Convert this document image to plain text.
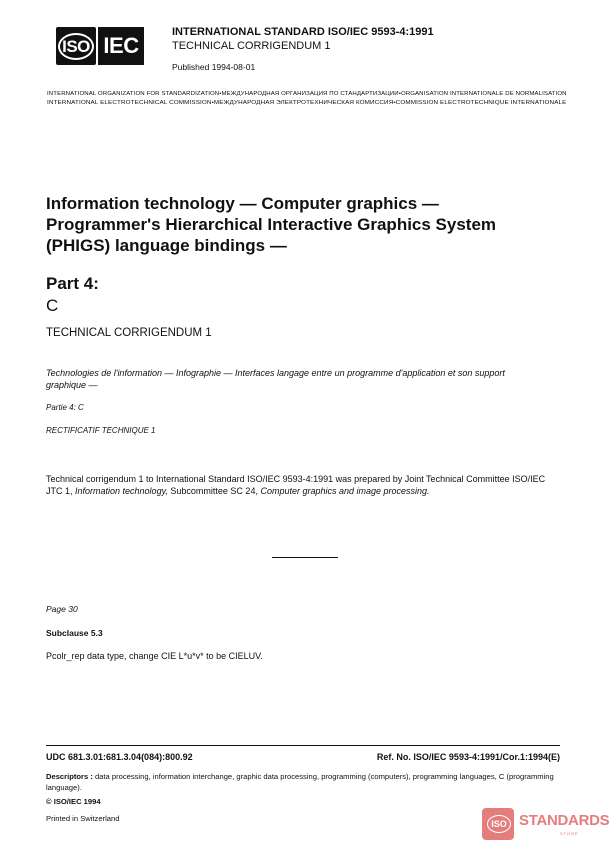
ISO IEC
INTERNATIONAL STANDARD ISO/IEC 9593-4:1991
TECHNICAL CORRIGENDUM 1
Published 1994-08-01
INTERNATIONAL ORGANIZATION FOR STANDARDIZATION•МЕЖДУНАРОДНАЯ ОРГАНИЗАЦИЯ ПО СТАНДАРТИЗАЦИИ•ORGANISATION INTERNATIONALE DE NORMALISATION
INTERNATIONAL ELECTROTECHNICAL COMMISSION•МЕЖДУНАРОДНАЯ ЭЛЕКТРОТЕХНИЧЕСКАЯ КОМИССИЯ•COMMISSION ELECTROTECHNIQUE INTERNATIONALE
Information technology — Computer graphics —
Programmer's Hierarchical Interactive Graphics System
(PHIGS) language bindings —
Part 4:
C
TECHNICAL CORRIGENDUM 1
Technologies de l'information — Infographie — Interfaces langage entre un programme d'application et son support graphique —
Partie 4: C
RECTIFICATIF TECHNIQUE 1
Technical corrigendum 1 to International Standard ISO/IEC 9593-4:1991 was prepared by Joint Technical Committee ISO/IEC JTC 1, Information technology, Subcommittee SC 24, Computer graphics and image processing.
Page 30
Subclause 5.3
Pcolr_rep data type, change CIE L*u*v* to be CIELUV.
UDC 681.3.01:681.3.04(084):800.92	Ref. No. ISO/IEC 9593-4:1991/Cor.1:1994(E)
Descriptors : data processing, information interchange, graphic data processing, programming (computers), programming languages, C (programming language).
© ISO/IEC 1994
Printed in Switzerland
ISO STANDARDS
STORE
